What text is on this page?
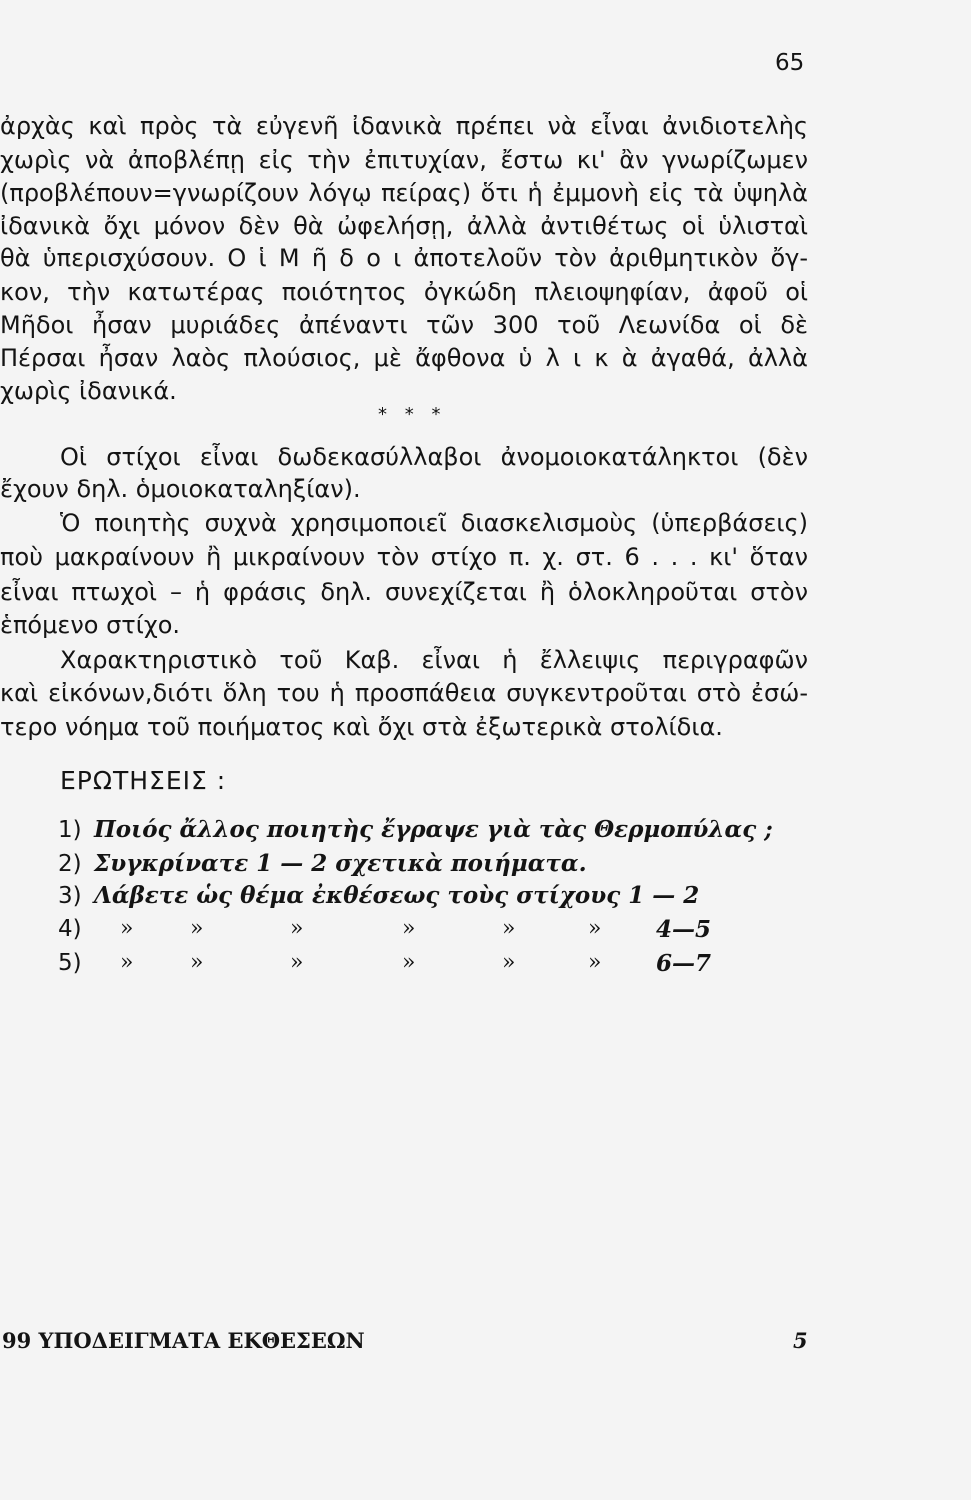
65
ἀρχὰς καὶ πρὸς τὰ εὐγενῆ ἰδανικὰ πρέπει νὰ εἶναι ἀνιδιοτελὴς
χωρὶς νὰ ἀποβλέπῃ εἰς τὴν ἐπιτυχίαν, ἔστω κι' ἂν γνωρίζωμεν
(προβλέπουν=γνωρίζουν λόγῳ πείρας) ὅτι ἡ ἐμμονὴ εἰς τὰ ὑψηλὰ
ἰδανικὰ ὄχι μόνον δὲν θὰ ὠφελήσῃ, ἀλλὰ ἀντιθέτως οἱ ὑλισταὶ
θὰ ὑπερισχύσουν. Ο ἱ Μ ῆ δ ο ι ἀποτελοῦν τὸν ἀριθμητικὸν ὄγ-
κον, τὴν κατωτέρας ποιότητος ὀγκώδη πλειοψηφίαν, ἀφοῦ οἱ
Μῆδοι ἦσαν μυριάδες ἀπέναντι τῶν 300 τοῦ Λεωνίδα οἱ δὲ
Πέρσαι ἦσαν λαὸς πλούσιος, μὲ ἄφθονα ὑ λ ι κ ὰ ἀγαθά, ἀλλὰ
χωρὶς ἰδανικά.
* * *
Οἱ στίχοι εἶναι δωδεκασύλλαβοι ἀνομοιοκατάληκτοι (δὲν
ἔχουν δηλ. ὁμοιοκαταληξίαν).
Ὁ ποιητὴς συχνὰ χρησιμοποιεῖ διασκελισμοὺς (ὑπερβάσεις)
ποὺ μακραίνουν ἢ μικραίνουν τὸν στίχο π. χ. στ. 6 . . . κι' ὅταν
εἶναι πτωχοὶ – ἡ φράσις δηλ. συνεχίζεται ἢ ὁλοκληροῦται στὸν
ἑπόμενο στίχο.
Χαρακτηριστικὸ τοῦ Καβ. εἶναι ἡ ἔλλειψις περιγραφῶν
καὶ εἰκόνων,διότι ὅλη του ἡ προσπάθεια συγκεντροῦται στὸ ἐσώ-
τερο νόημα τοῦ ποιήματος καὶ ὄχι στὰ ἐξωτερικὰ στολίδια.
ΕΡΩΤΗΣΕΙΣ :
1) Ποιός ἄλλος ποιητὴς ἔγραψε γιὰ τὰς Θερμοπύλας ;
2) Συγκρίνατε 1 — 2 σχετικὰ ποιήματα.
3) Λάβετε ὡς θέμα ἐκθέσεως τοὺς στίχους 1 — 2
4) »	»	»	»	»	» 4—5
5) »	»	»	»	»	» 6—7
99 ΥΠΟΔΕΙΓΜΑΤΑ ΕΚΘΕΣΕΩΝ	5
